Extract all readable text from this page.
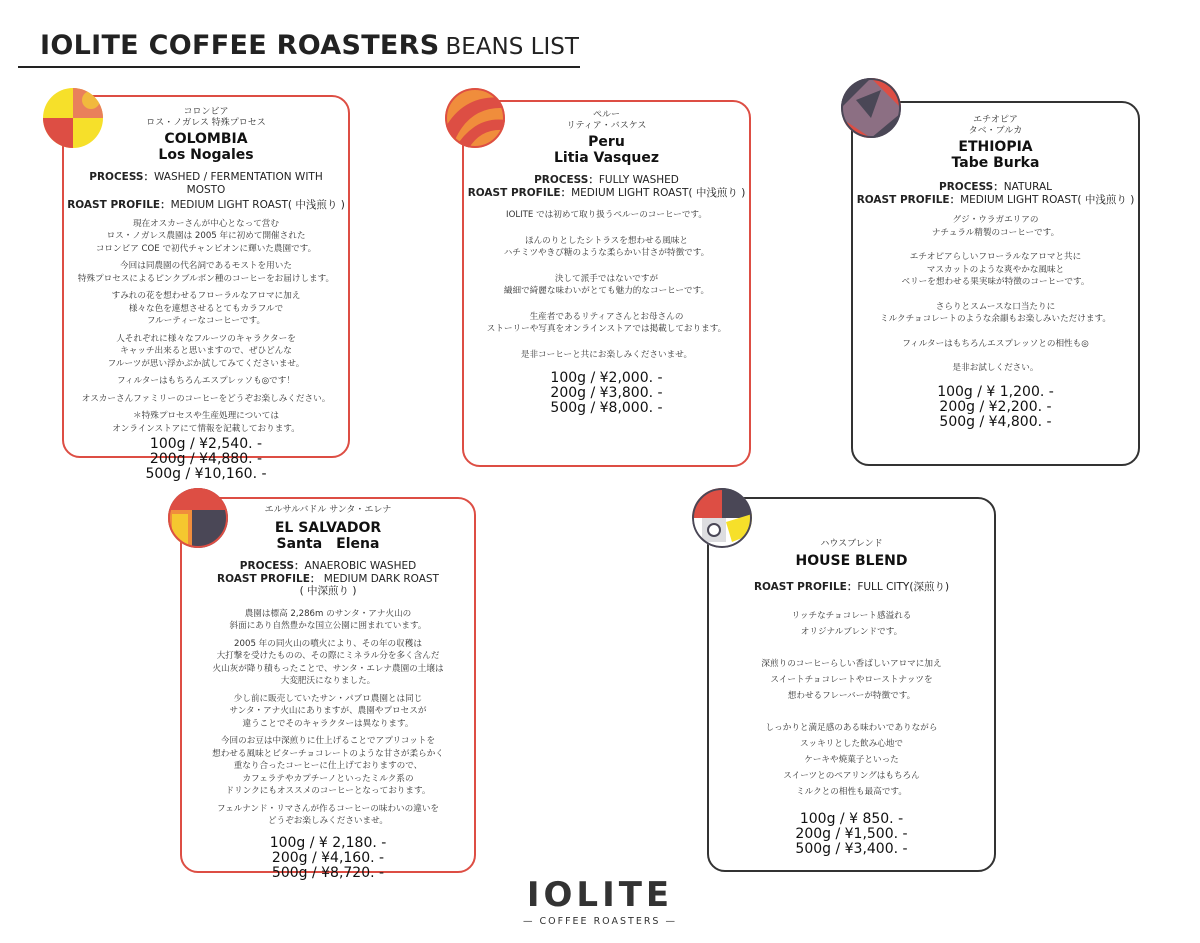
IOLITE COFFEE ROASTERS BEANS LIST
コロンビア
ロス・ノガレス 特殊プロセス
COLOMBIA
Los Nogales
PROCESS：WASHED / FERMENTATION WITH MOSTO
ROAST PROFILE：MEDIUM LIGHT ROAST( 中浅煎り )
現在オスカーさんが中心となって営む
ロス・ノガレス農園は 2005 年に初めて開催された
コロンビア COE で初代チャンピオンに輝いた農園です。
今回は同農園の代名詞であるモストを用いた
特殊プロセスによるピンクブルボン種のコーヒーをお届けします。
すみれの花を想わせるフローラルなアロマに加え
様々な色を連想させるとてもカラフルで
フルーティーなコーヒーです。
人それぞれに様々なフルーツのキャラクターを
キャッチ出来ると思いますので、ぜひどんな
フルーツが思い浮かぶか試してみてくださいませ。
フィルターはもちろんエスプレッソも◎です！
オスカーさんファミリーのコーヒーをどうぞお楽しみください。
＊特殊プロセスや生産処理については
オンラインストアにて情報を記載しております。
100g / ¥2,540. -
200g / ¥4,880. -
500g / ¥10,160. -
ペルー
リティア・バスケス
Peru
Litia Vasquez
PROCESS：FULLY WASHED
ROAST PROFILE：MEDIUM LIGHT ROAST( 中浅煎り )
IOLITE では初めて取り扱うペルーのコーヒーです。
ほんのりとしたシトラスを想わせる風味と
ハチミツやきび糖のような柔らかい甘さが特徴です。
決して派手ではないですが
繊細で綺麗な味わいがとても魅力的なコーヒーです。
生産者であるリティアさんとお母さんの
ストーリーや写真をオンラインストアでは掲載しております。
是非コーヒーと共にお楽しみくださいませ。
100g / ¥2,000. -
200g / ¥3,800. -
500g / ¥8,000. -
エチオピア
タベ・ブルカ
ETHIOPIA
Tabe Burka
PROCESS：NATURAL
ROAST PROFILE：MEDIUM LIGHT ROAST( 中浅煎り )
グジ・ウラガエリアの
ナチュラル精製のコーヒーです。
エチオピアらしいフローラルなアロマと共に
マスカットのような爽やかな風味と
ベリーを想わせる果実味が特徴のコーヒーです。
さらりとスムースな口当たりに
ミルクチョコレートのような余韻もお楽しみいただけます。
フィルターはもちろんエスプレッソとの相性も◎
是非お試しください。
100g / ¥ 1,200. -
200g / ¥2,200. -
500g / ¥4,800. -
エルサルバドル サンタ・エレナ
EL SALVADOR
Santa　Elena
PROCESS：ANAEROBIC WASHED
ROAST PROFILE： MEDIUM DARK ROAST
( 中深煎り )
農園は標高 2,286m のサンタ・アナ火山の
斜面にあり自然豊かな国立公園に囲まれています。
2005 年の同火山の噴火により、その年の収穫は
大打撃を受けたものの、その際にミネラル分を多く含んだ
火山灰が降り積もったことで、サンタ・エレナ農園の土壌は
大変肥沃になりました。
少し前に販売していたサン・パブロ農園とは同じ
サンタ・アナ火山にありますが、農園やプロセスが
違うことでそのキャラクターは異なります。
今回のお豆は中深煎りに仕上げることでアプリコットを
想わせる風味とビターチョコレートのような甘さが柔らかく
重なり合ったコーヒーに仕上げておりますので、
カフェラテやカプチーノといったミルク系の
ドリンクにもオススメのコーヒーとなっております。
フェルナンド・リマさんが作るコーヒーの味わいの違いを
どうぞお楽しみくださいませ。
100g / ¥ 2,180. -
200g / ¥4,160. -
500g / ¥8,720. -
ハウスブレンド
HOUSE BLEND
ROAST PROFILE：FULL CITY(深煎り)
リッチなチョコレート感溢れる
オリジナルブレンドです。
深煎りのコーヒーらしい香ばしいアロマに加え
スイートチョコレートやローストナッツを
想わせるフレーバーが特徴です。
しっかりと満足感のある味わいでありながら
スッキリとした飲み心地で
ケーキや焼菓子といった
スイーツとのペアリングはもちろん
ミルクとの相性も最高です。
100g / ¥ 850. -
200g / ¥1,500. -
500g / ¥3,400. -
IOLITE
— COFFEE ROASTERS —
